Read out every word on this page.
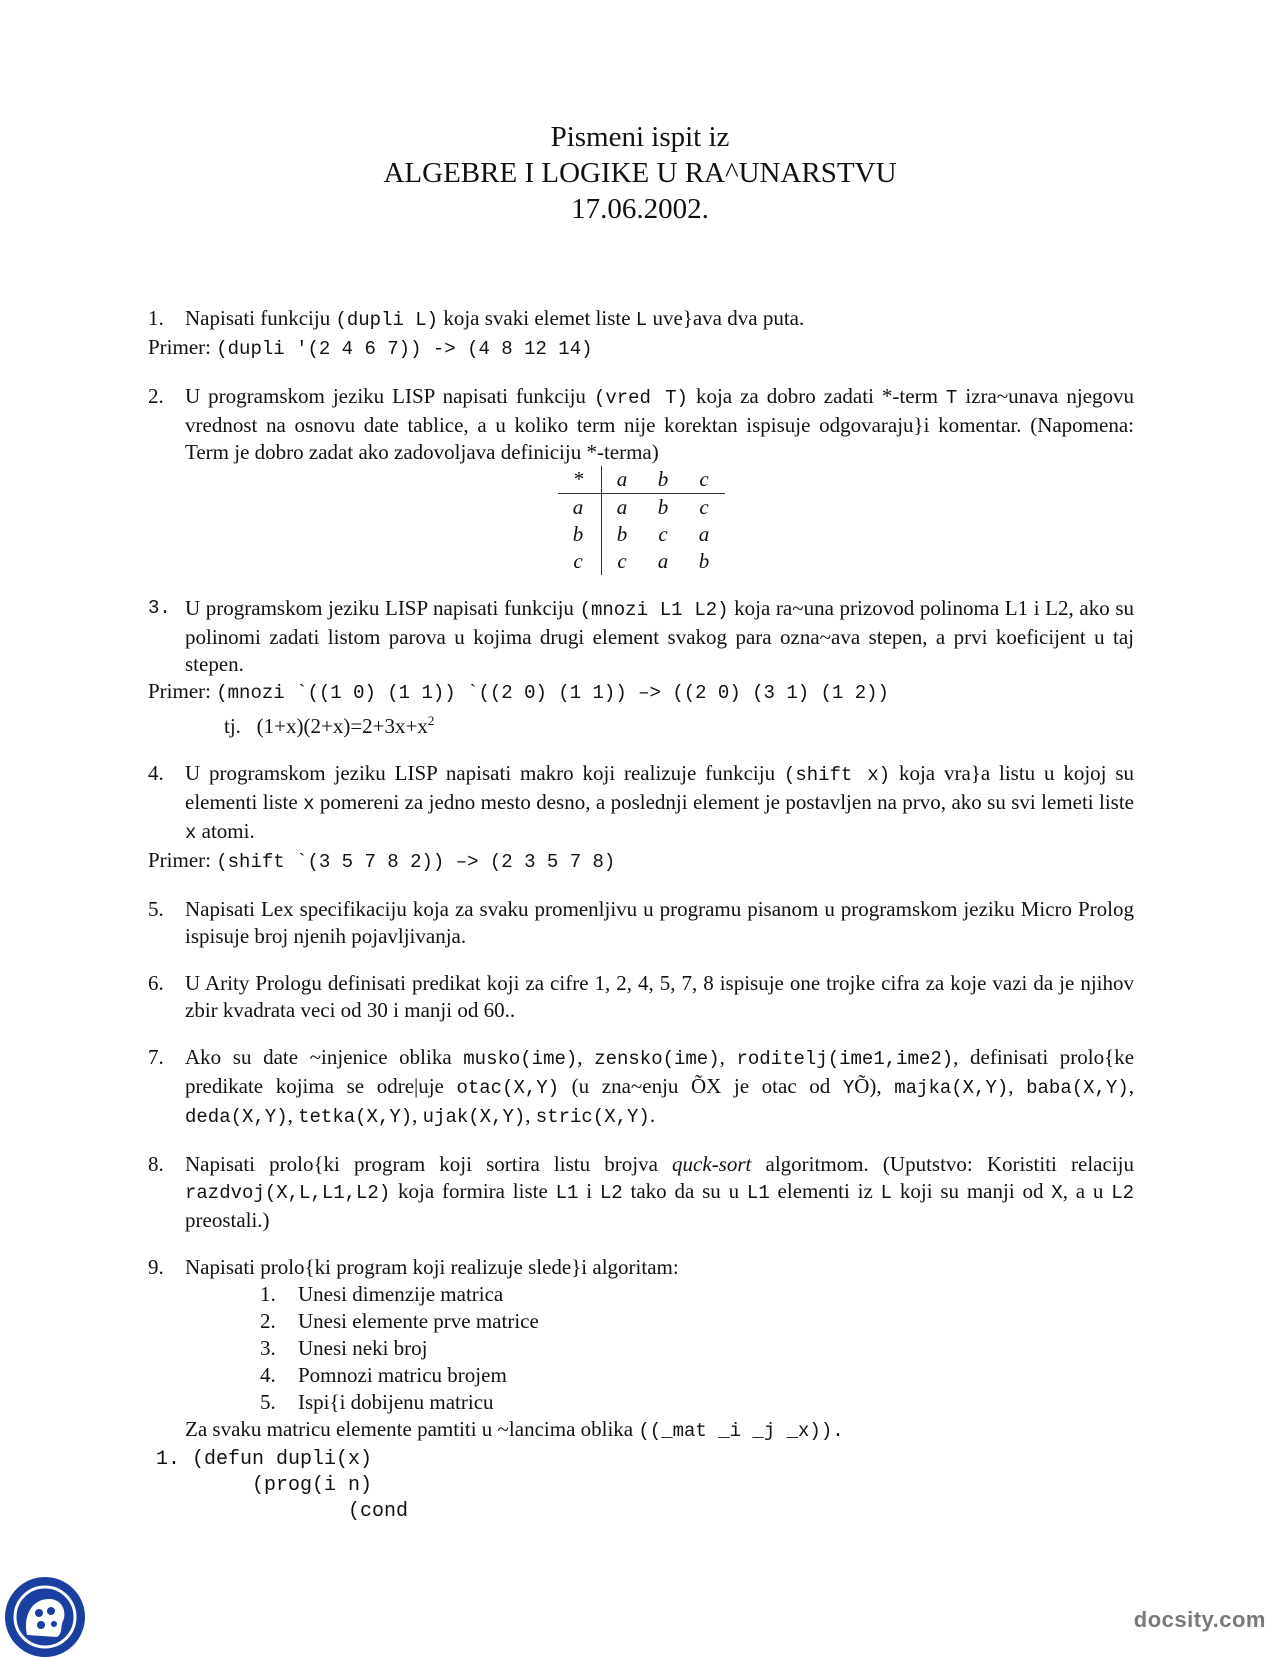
Pismeni ispit iz
ALGEBRE I LOGIKE U RA^UNARSTVU
17.06.2002.
1. Napisati funkciju (dupli L) koja svaki elemet liste L uve}ava dva puta.
Primer: (dupli '(2 4 6 7)) -> (4 8 12 14)
2. U programskom jeziku LISP napisati funkciju (vred T) koja za dobro zadati *-term T izra~unava njegovu vrednost na osnovu date tablice, a u koliko term nije korektan ispisuje odgovaraju}i komentar. (Napomena: Term je dobro zadat ako zadovoljava definiciju *-terma)
*	a	b	c
a	a	b	c
b	b	c	a
c	c	a	b
3. U programskom jeziku LISP napisati funkciju (mnozi L1 L2) koja ra~una prizovod polinoma L1 i L2, ako su polinomi zadati listom parova u kojima drugi element svakog para ozna~ava stepen, a prvi koeficijent u taj stepen.
Primer: (mnozi `((1 0) (1 1)) `((2 0) (1 1)) –> ((2 0) (3 1) (1 2))
tj. $(1+x)(2+x)=2+3x+x^2$
4. U programskom jeziku LISP napisati makro koji realizuje funkciju (shift x) koja vra}a listu u kojoj su elementi liste x pomereni za jedno mesto desno, a poslednji element je postavljen na prvo, ako su svi lemeti liste x atomi.
Primer: (shift `(3 5 7 8 2)) –> (2 3 5 7 8)
5. Napisati Lex specifikaciju koja za svaku promenljivu u programu pisanom u programskom jeziku Micro Prolog ispisuje broj njenih pojavljivanja.
6. U Arity Prologu definisati predikat koji za cifre 1, 2, 4, 5, 7, 8 ispisuje one trojke cifra za koje vazi da je njihov zbir kvadrata veci od 30 i manji od 60..
7. Ako su date ~injenice oblika musko(ime), zensko(ime), roditelj(ime1,ime2), definisati prolo{ke predikate kojima se odre|uje otac(X,Y) (u zna~enju ÕX je otac od YÕ), majka(X,Y), baba(X,Y), deda(X,Y), tetka(X,Y), ujak(X,Y), stric(X,Y).
8. Napisati prolo{ki program koji sortira listu brojva quck-sort algoritmom. (Uputstvo: Koristiti relaciju razdvoj(X,L,L1,L2) koja formira liste L1 i L2 tako da su u L1 elementi iz L koji su manji od X, a u L2 preostali.)
9. Napisati prolo{ki program koji realizuje slede}i algoritam:
1. Unesi dimenzije matrica
2. Unesi elemente prve matrice
3. Unesi neki broj
4. Pomnozi matricu brojem
5. Ispi{i dobijenu matricu
Za svaku matricu elemente pamtiti u ~lancima oblika ((_mat _i _j _x)).
1. (defun dupli(x)
(prog(i n)
(cond
docsity.com
